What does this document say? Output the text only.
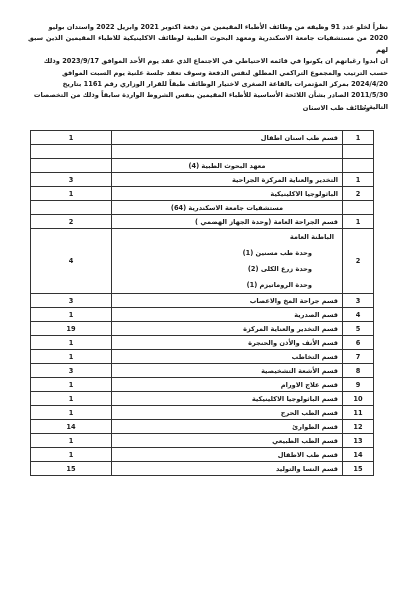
نظراً لخلو عدد 91 وظيفه من وظائف الأطباء المقيمين من دفعة اكتوبر 2021 وابريل 2022 واستدان بوليو

2020 من مستشفيات جامعة الاسكندرية ومعهد البحوث الطبية لوظائف الاكلينيكية للاطباء المقيمين الذين سبق لهم

ان ابدوا رغباتهم ان يكونوا في قائمه الاحتياطي في الاجتماع الذي عقد يوم الأحد الموافق 2023/9/17 وذلك

حسب الترتيب والمجموع التراكمي المطلق لنفس الدفعة وسوف تعقد جلسة علنية يوم السبت الموافق

2024/4/20 بمركز المؤتمرات بالقاعة الصغرى لاختيار الوظائف طبقاً للقرار الوزاري رقم 1161 بتاريخ

2011/5/30 الصادر بشأن اللائحة الأساسية للأطباء المقيمين بنفس الشروط الواردة سابقاً وذلك من التخصصات

التالية :

وظائف طب الاسنان
1	قسم طب اسنان اطفال	1

	معهد البحوث الطبية (4)	
3	التخدير والعناية المركزة الجراحية	1
1	الباثولوجيا الاكلينيكية	2
	مستشفيات جامعة الاسكندرية (64)	
2	قسم الجراحة العامة (وحدة الجهاز الهضمي )	1
4	الباطنة العامة
وحدة طب مسنين (1)
وحدة زرع الكلى (2)
وحدة الروماتيزم (1)	2
3	قسم جراحة المخ والاعصاب	3
1	قسم الصدرية	4
19	قسم التخدير والعناية المركزة	5
1	قسم الأنف والأذن والحنجرة	6
1	قسم التخاطب	7
3	قسم الأشعة التشخيصية	8
1	قسم علاج الاورام	9
1	قسم الباثولوجيا الاكلينيكية	10
1	قسم الطب الحرج	11
14	قسم الطوارئ	12
1	قسم الطب الطبيعي	13
1	قسم طب الاطفال	14
15	قسم النسا والتوليد	15
